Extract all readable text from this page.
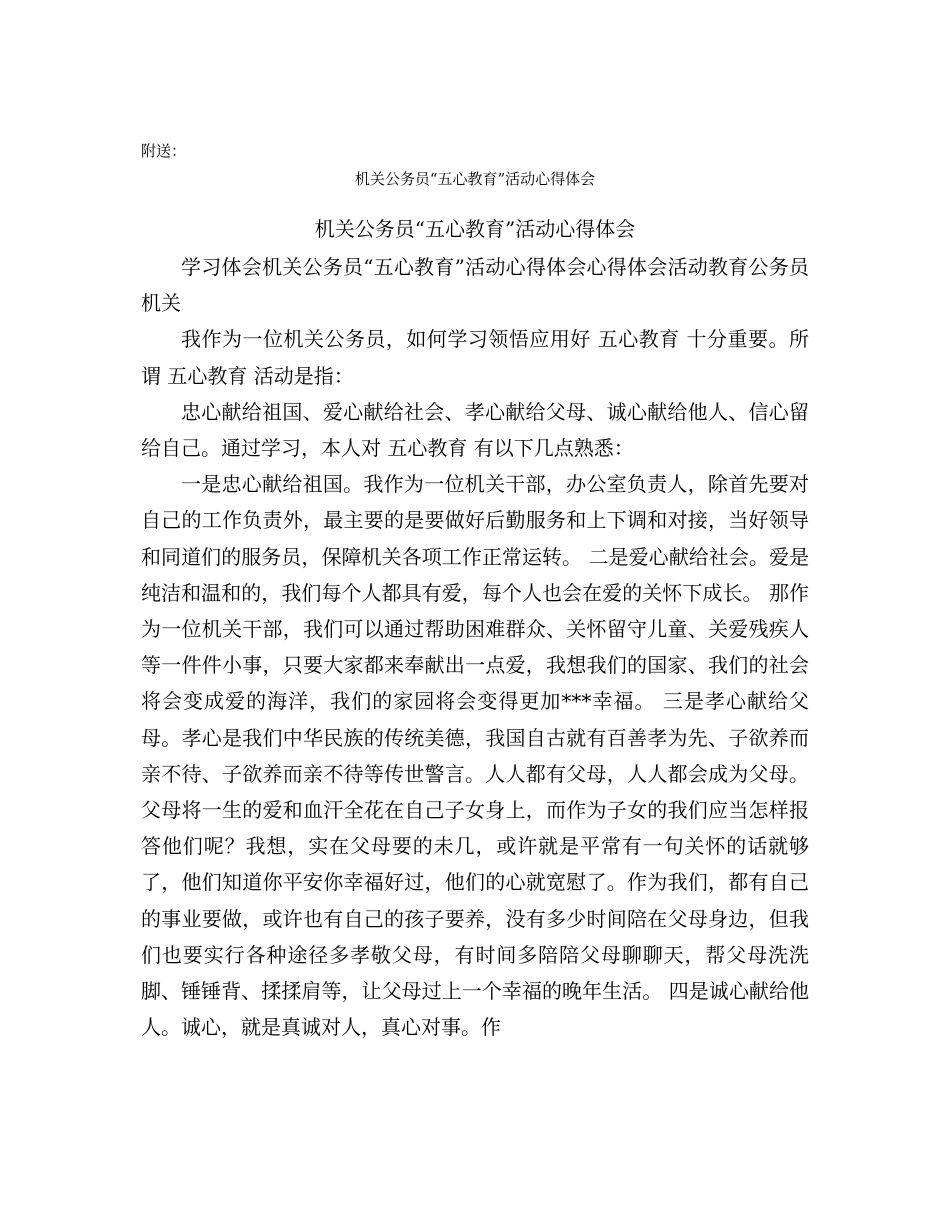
附送：
机关公务员“五心教育”活动心得体会
机关公务员“五心教育”活动心得体会

学习体会机关公务员“五心教育”活动心得体会心得体会活动教育公务员机关

我作为一位机关公务员，如何学习领悟应用好 五心教育 十分重要。所谓 五心教育 活动是指：

忠心献给祖国、爱心献给社会、孝心献给父母、诚心献给他人、信心留给自己。通过学习，本人对 五心教育 有以下几点熟悉：

一是忠心献给祖国。我作为一位机关干部，办公室负责人，除首先要对自己的工作负责外，最主要的是要做好后勤服务和上下调和对接，当好领导和同道们的服务员，保障机关各项工作正常运转。 二是爱心献给社会。爱是纯洁和温和的，我们每个人都具有爱，每个人也会在爱的关怀下成长。 那作为一位机关干部，我们可以通过帮助困难群众、关怀留守儿童、关爱残疾人等一件件小事，只要大家都来奉献出一点爱，我想我们的国家、我们的社会将会变成爱的海洋，我们的家园将会变得更加***幸福。 三是孝心献给父母。孝心是我们中华民族的传统美德，我国自古就有百善孝为先、子欲养而亲不待、子欲养而亲不待等传世警言。人人都有父母，人人都会成为父母。父母将一生的爱和血汗全花在自己子女身上，而作为子女的我们应当怎样报答他们呢？我想，实在父母要的未几，或许就是平常有一句关怀的话就够了，他们知道你平安你幸福好过，他们的心就宽慰了。作为我们，都有自己的事业要做，或许也有自己的孩子要养，没有多少时间陪在父母身边，但我们也要实行各种途径多孝敬父母，有时间多陪陪父母聊聊天，帮父母洗洗脚、锤锤背、揉揉肩等，让父母过上一个幸福的晚年生活。 四是诚心献给他人。诚心，就是真诚对人，真心对事。作
